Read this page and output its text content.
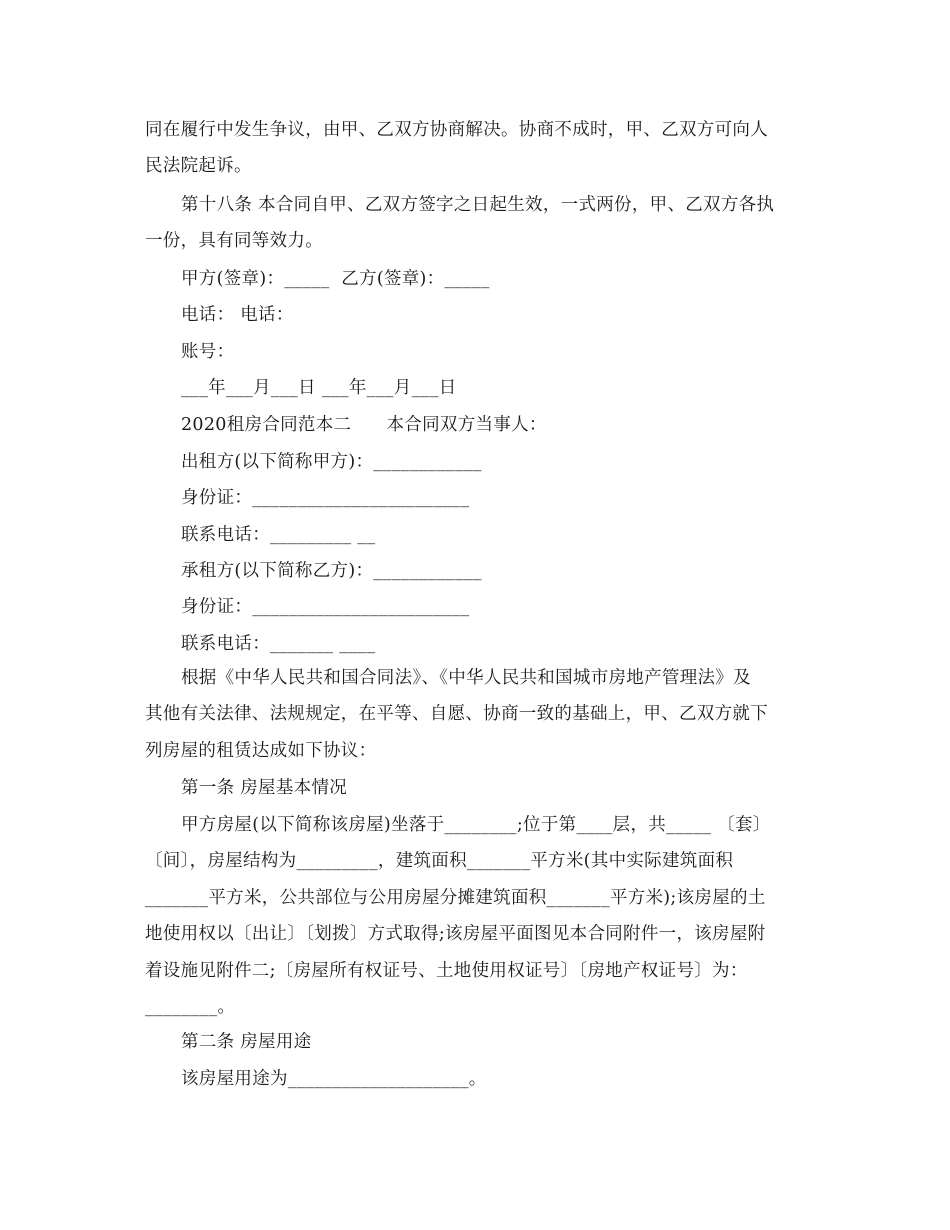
同在履行中发生争议，由甲、乙双方协商解决。协商不成时，甲、乙双方可向人
民法院起诉。
第十八条 本合同自甲、乙双方签字之日起生效，一式两份，甲、乙双方各执
一份，具有同等效力。
甲方(签章)：_____  乙方(签章)：_____
电话： 电话：
账号：
___年___月___日 ___年___月___日
2020租房合同范本二      本合同双方当事人：
出租方(以下简称甲方)：____________
身份证：________________________
联系电话：_________ __
承租方(以下简称乙方)：____________
身份证：________________________
联系电话：_______ ____
根据《中华人民共和国合同法》、《中华人民共和国城市房地产管理法》及
其他有关法律、法规规定，在平等、自愿、协商一致的基础上，甲、乙双方就下
列房屋的租赁达成如下协议：
第一条 房屋基本情况
甲方房屋(以下简称该房屋)坐落于________;位于第____层，共_____ 〔套〕
〔间〕，房屋结构为_________，建筑面积_______平方米(其中实际建筑面积
_______平方米，公共部位与公用房屋分摊建筑面积_______平方米);该房屋的土
地使用权以〔出让〕〔划拨〕方式取得;该房屋平面图见本合同附件一，该房屋附
着设施见附件二;〔房屋所有权证号、土地使用权证号〕〔房地产权证号〕为：
________。
第二条 房屋用途
该房屋用途为____________________。
